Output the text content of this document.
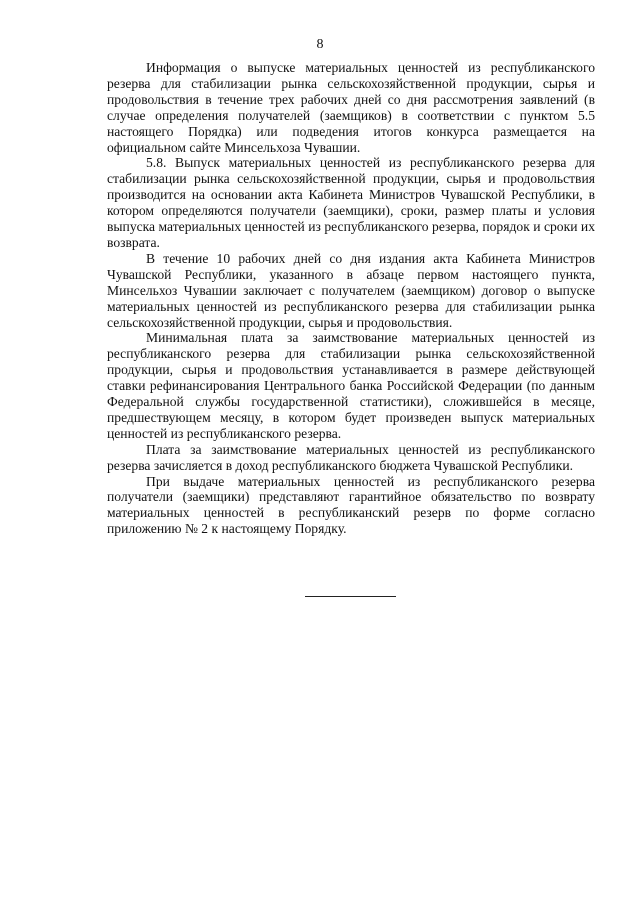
8

Информация о выпуске материальных ценностей из республиканского резерва для стабилизации рынка сельскохозяйственной продукции, сырья и продовольствия в течение трех рабочих дней со дня рассмотрения заявлений (в случае определения получателей (заемщиков) в соответствии с пунктом 5.5 настоящего Порядка) или подведения итогов конкурса размещается на официальном сайте Минсельхоза Чувашии.

5.8. Выпуск материальных ценностей из республиканского резерва для стабилизации рынка сельскохозяйственной продукции, сырья и продовольствия производится на основании акта Кабинета Министров Чувашской Республики, в котором определяются получатели (заемщики), сроки, размер платы и условия выпуска материальных ценностей из республиканского резерва, порядок и сроки их возврата.

В течение 10 рабочих дней со дня издания акта Кабинета Министров Чувашской Республики, указанного в абзаце первом настоящего пункта, Минсельхоз Чувашии заключает с получателем (заемщиком) договор о выпуске материальных ценностей из республиканского резерва для стабилизации рынка сельскохозяйственной продукции, сырья и продовольствия.

Минимальная плата за заимствование материальных ценностей из республиканского резерва для стабилизации рынка сельскохозяйственной продукции, сырья и продовольствия устанавливается в размере действующей ставки рефинансирования Центрального банка Российской Федерации (по данным Федеральной службы государственной статистики), сложившейся в месяце, предшествующем месяцу, в котором будет произведен выпуск материальных ценностей из республиканского резерва.

Плата за заимствование материальных ценностей из республиканского резерва зачисляется в доход республиканского бюджета Чувашской Республики.

При выдаче материальных ценностей из республиканского резерва получатели (заемщики) представляют гарантийное обязательство по возврату материальных ценностей в республиканский резерв по форме согласно приложению № 2 к настоящему Порядку.
